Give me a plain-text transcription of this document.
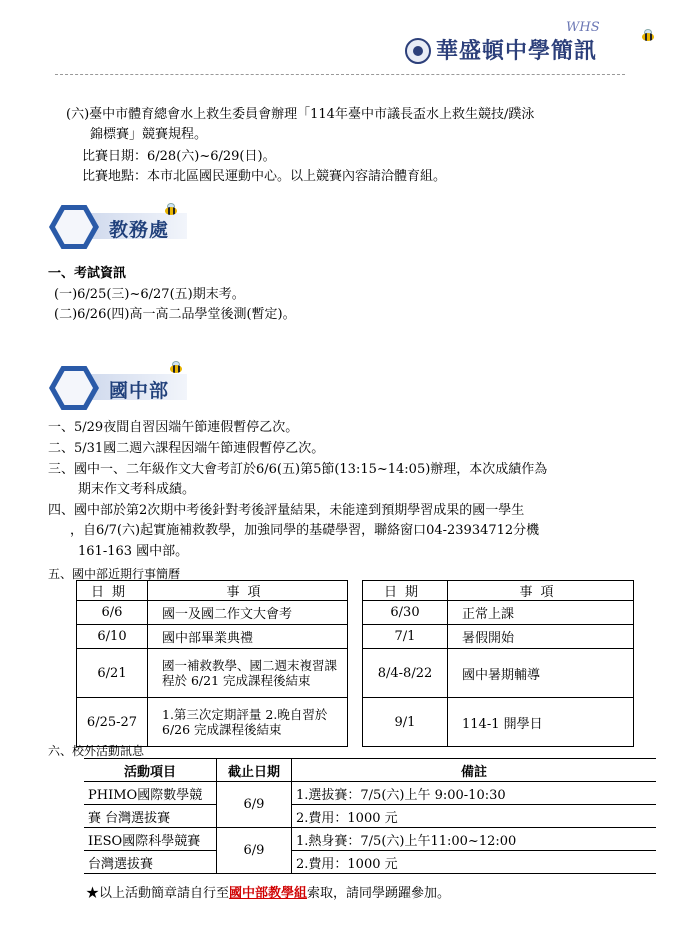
華盛頓中學簡訊
WHS
(六)臺中市體育總會水上救生委員會辦理「114年臺中市議長盃水上救生競技/蹼泳
錦標賽」競賽規程。
比賽日期：6/28(六)~6/29(日)。
比賽地點：本市北區國民運動中心。以上競賽內容請洽體育組。
教務處
一、考試資訊
(一)6/25(三)~6/27(五)期末考。
(二)6/26(四)高一高二品學堂後測(暫定)。
國中部
一、5/29夜間自習因端午節連假暫停乙次。
二、5/31國二週六課程因端午節連假暫停乙次。
三、國中一、二年級作文大會考訂於6/6(五)第5節(13:15~14:05)辦理，本次成績作為
期末作文考科成績。
四、國中部於第2次期中考後針對考後評量結果，未能達到預期學習成果的國一學生
，自6/7(六)起實施補救教學，加強同學的基礎學習，聯絡窗口04-23934712分機
161-163 國中部。
五、國中部近期行事簡曆
日期	事項
6/6	國一及國二作文大會考
6/10	國中部畢業典禮
6/21	國一補救教學、國二週末複習課程於 6/21 完成課程後結束
6/25-27	1.第三次定期評量 2.晚自習於 6/26 完成課程後結束
日期	事項
6/30	正常上課
7/1	暑假開始
8/4-8/22	國中暑期輔導
9/1	114-1 開學日
六、校外活動訊息
活動項目	截止日期	備註
PHIMO國際數學競	6/9	1.選拔賽：7/5(六)上午 9:00-10:30
賽 台灣選拔賽		2.費用：1000 元
IESO國際科學競賽	6/9	1.熱身賽：7/5(六)上午11:00~12:00
台灣選拔賽		2.費用：1000 元
★以上活動簡章請自行至國中部教學組索取，請同學踴躍參加。
